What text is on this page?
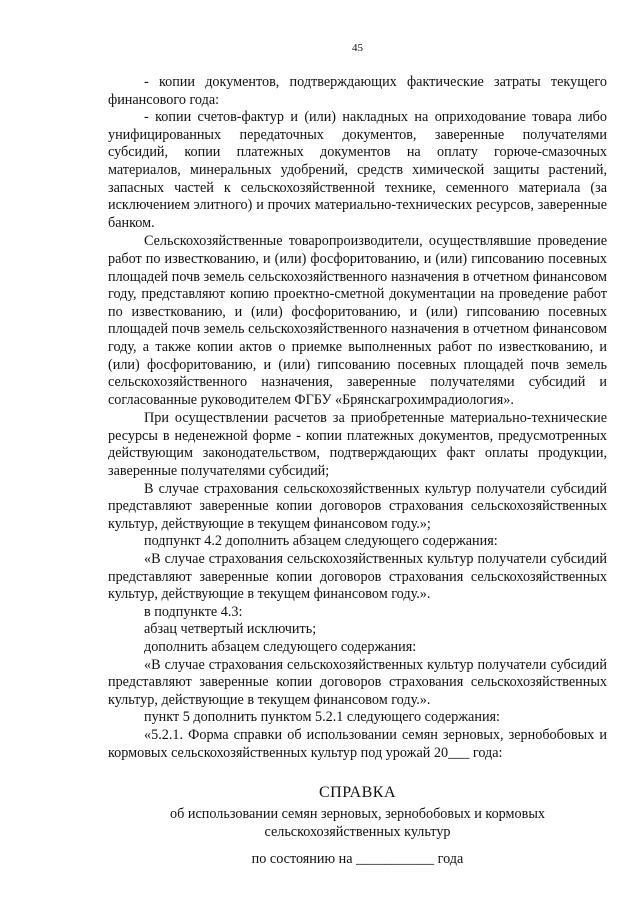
45

- копии документов, подтверждающих фактические затраты текущего финансового года:

- копии счетов-фактур и (или) накладных на оприходование товара либо унифицированных передаточных документов, заверенные получателями субсидий, копии платежных документов на оплату горюче-смазочных материалов, минеральных удобрений, средств химической защиты растений, запасных частей к сельскохозяйственной технике, семенного материала (за исключением элитного) и прочих материально-технических ресурсов, заверенные банком.

Сельскохозяйственные товаропроизводители, осуществлявшие проведение работ по известкованию, и (или) фосфоритованию, и (или) гипсованию посевных площадей почв земель сельскохозяйственного назначения в отчетном финансовом году, представляют копию проектно-сметной документации на проведение работ по известкованию, и (или) фосфоритованию, и (или) гипсованию посевных площадей почв земель сельскохозяйственного назначения в отчетном финансовом году, а также копии актов о приемке выполненных работ по известкованию, и (или) фосфоритованию, и (или) гипсованию посевных площадей почв земель сельскохозяйственного назначения, заверенные получателями субсидий и согласованные руководителем ФГБУ «Брянскагрохимрадиология».

При осуществлении расчетов за приобретенные материально-технические ресурсы в неденежной форме - копии платежных документов, предусмотренных действующим законодательством, подтверждающих факт оплаты продукции, заверенные получателями субсидий;

В случае страхования сельскохозяйственных культур получатели субсидий представляют заверенные копии договоров страхования сельскохозяйственных культур, действующие в текущем финансовом году.»;

подпункт 4.2 дополнить абзацем следующего содержания:

«В случае страхования сельскохозяйственных культур получатели субсидий представляют заверенные копии договоров страхования сельскохозяйственных культур, действующие в текущем финансовом году.».

в подпункте 4.3:

абзац четвертый исключить;

дополнить абзацем следующего содержания:

«В случае страхования сельскохозяйственных культур получатели субсидий представляют заверенные копии договоров страхования сельскохозяйственных культур, действующие в текущем финансовом году.».

пункт 5 дополнить пунктом 5.2.1 следующего содержания:

«5.2.1. Форма справки об использовании семян зерновых, зернобобовых и кормовых сельскохозяйственных культур под урожай 20___ года:

СПРАВКА
об использовании семян зерновых, зернобобовых и кормовых сельскохозяйственных культур
по состоянию на ___________ года
